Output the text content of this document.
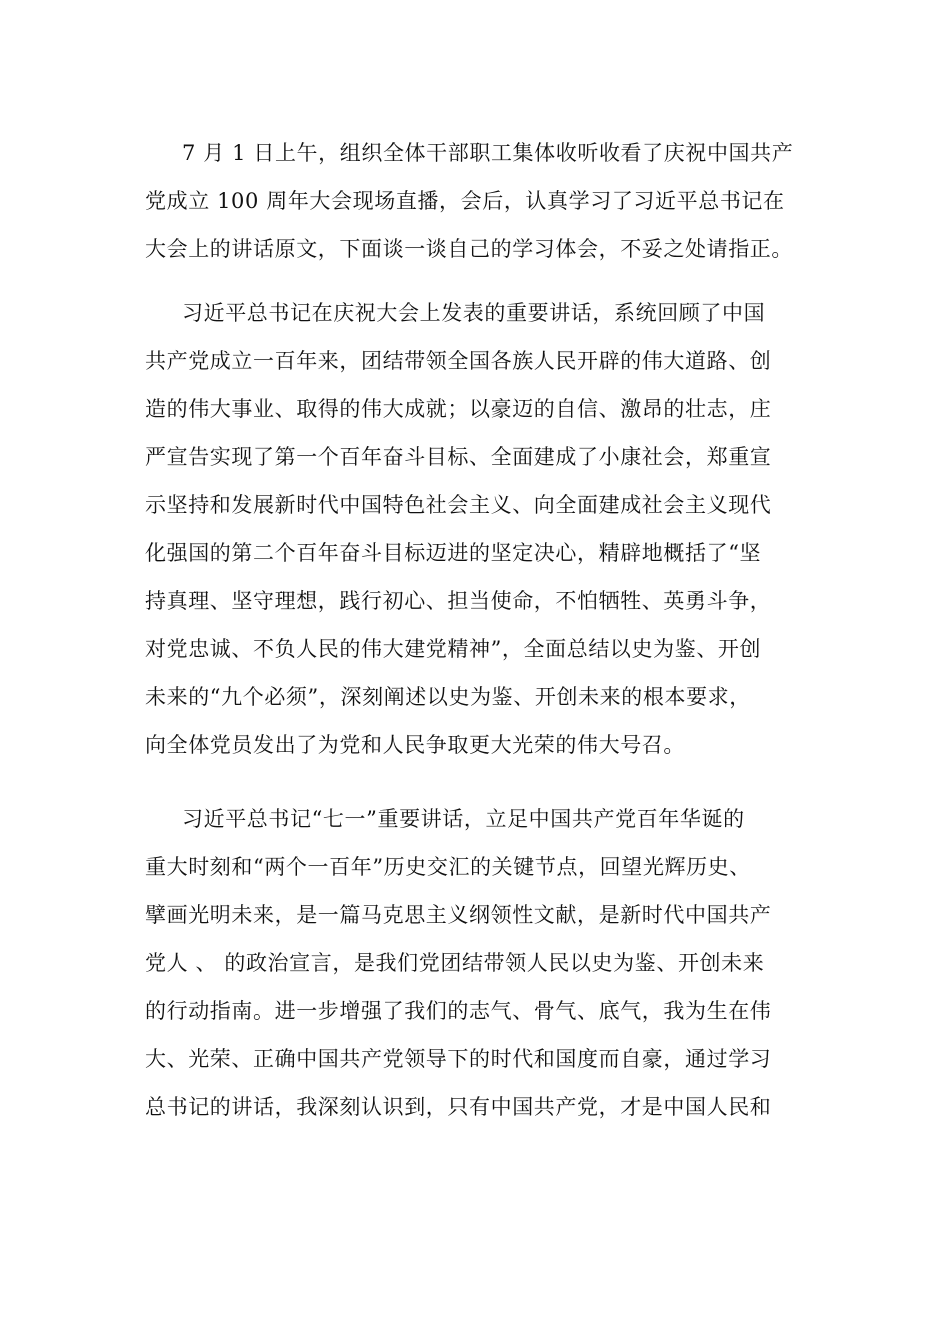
7 月 1 日上午，组织全体干部职工集体收听收看了庆祝中国共产
党成立 100 周年大会现场直播，会后，认真学习了习近平总书记在
大会上的讲话原文，下面谈一谈自己的学习体会，不妥之处请指正。
习近平总书记在庆祝大会上发表的重要讲话，系统回顾了中国
共产党成立一百年来，团结带领全国各族人民开辟的伟大道路、创
造的伟大事业、取得的伟大成就；以豪迈的自信、激昂的壮志，庄
严宣告实现了第一个百年奋斗目标、全面建成了小康社会，郑重宣
示坚持和发展新时代中国特色社会主义、向全面建成社会主义现代
化强国的第二个百年奋斗目标迈进的坚定决心，精辟地概括了“坚
持真理、坚守理想，践行初心、担当使命，不怕牺牲、英勇斗争，
对党忠诚、不负人民的伟大建党精神”，全面总结以史为鉴、开创
未来的“九个必须”，深刻阐述以史为鉴、开创未来的根本要求，
向全体党员发出了为党和人民争取更大光荣的伟大号召。
习近平总书记“七一”重要讲话，立足中国共产党百年华诞的
重大时刻和“两个一百年”历史交汇的关键节点，回望光辉历史、
擘画光明未来，是一篇马克思主义纲领性文献，是新时代中国共产
党人 、 的政治宣言，是我们党团结带领人民以史为鉴、开创未来
的行动指南。进一步增强了我们的志气、骨气、底气，我为生在伟
大、光荣、正确中国共产党领导下的时代和国度而自豪，通过学习
总书记的讲话，我深刻认识到，只有中国共产党，才是中国人民和
